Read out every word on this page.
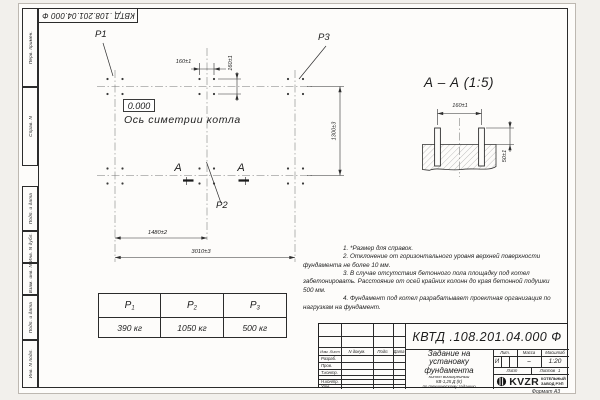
КВТД .108.201.04.000 Ф
Перв. примен.
Справ. N
Подп. и дата
Инв. N дубл.
Взам. инв. N
Подп. и дата
Инв. N подл.
Р1	Р3
Р2
0.000
Ось симетрии котла
А	А
160±1	160±1
1300±3
1480±2
3010±3
А – А (1:5)
160±1
50±1

1. *Размер для справок.

2. Отклонение от горизонтального уровня верхней поверхности фундамента не более 10 мм.

3. В случае отсутствия бетонного пола площадку под котел забетонировать. Расстояние от осей крайних колонн до края бетонной подушки 500 мм.

4. Фундамент под котел разрабатывает проектная организация по нагрузкам на фундамент.

Р 1	Р 2	Р 3
390 кг	1050 кг	500 кг
КВТД .108.201.04.000 Ф
Изм. Лист	N докум.	Подп.	Дата
Разраб.
Пров.
Т.контр.
Н.контр.
Утв.
Задание на
установку
фундамента
Котел водогрейный
КВ-1,25 Д (К)
по техническому заданию
Лит.	Масса	Масштаб
И	–	1:20
Лист	Листов 1
KVZR КОТЕЛЬНЫЙ
ЗАВОД РЭП
Формат А3
